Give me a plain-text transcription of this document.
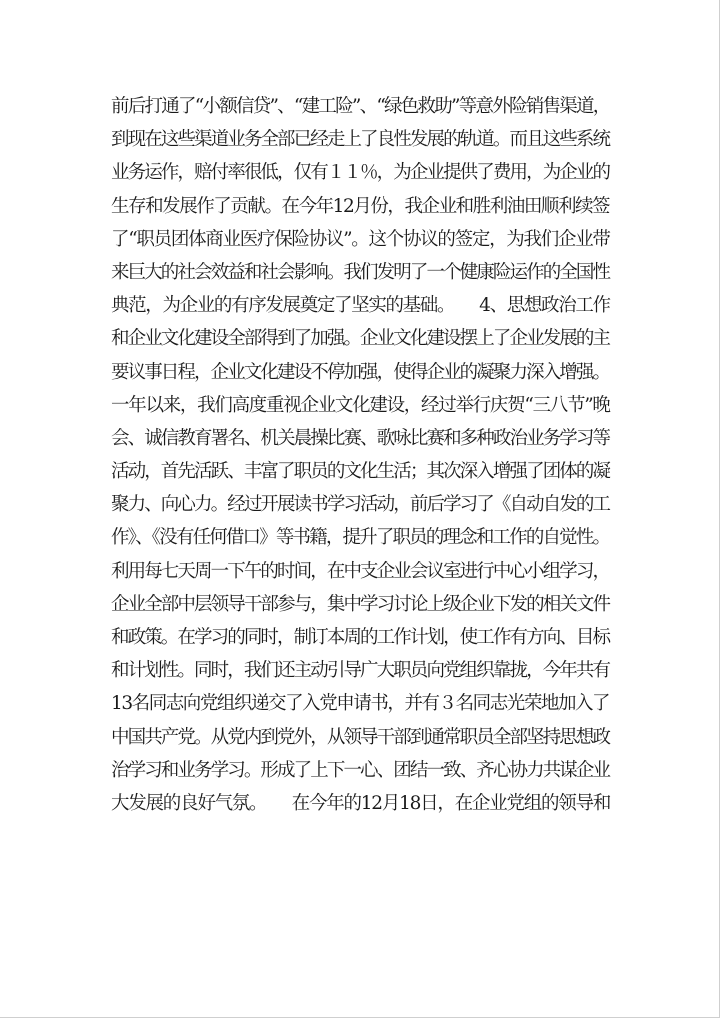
前后打通了“小额信贷”、“建工险”、“绿色救助”等意外险销售渠道，
到现在这些渠道业务全部已经走上了良性发展的轨道。而且这些系统
业务运作，赔付率很低，仅有１１％，为企业提供了费用，为企业的
生存和发展作了贡献。在今年12月份，我企业和胜利油田顺利续签
了“职员团体商业医疗保险协议”。这个协议的签定，为我们企业带
来巨大的社会效益和社会影响。我们发明了一个健康险运作的全国性
典范，为企业的有序发展奠定了坚实的基础。　　4、思想政治工作
和企业文化建设全部得到了加强。企业文化建设摆上了企业发展的主
要议事日程，企业文化建设不停加强，使得企业的凝聚力深入增强。
一年以来，我们高度重视企业文化建设，经过举行庆贺“三八节”晚
会、诚信教育署名、机关晨操比赛、歌咏比赛和多种政治业务学习等
活动，首先活跃、丰富了职员的文化生活；其次深入增强了团体的凝
聚力、向心力。经过开展读书学习活动，前后学习了《自动自发的工
作》、《没有任何借口》等书籍，提升了职员的理念和工作的自觉性。
利用每七天周一下午的时间，在中支企业会议室进行中心小组学习，
企业全部中层领导干部参与，集中学习讨论上级企业下发的相关文件
和政策。在学习的同时，制订本周的工作计划，使工作有方向、目标
和计划性。同时，我们还主动引导广大职员向党组织靠拢，今年共有
13名同志向党组织递交了入党申请书，并有３名同志光荣地加入了
中国共产党。从党内到党外，从领导干部到通常职员全部坚持思想政
治学习和业务学习。形成了上下一心、团结一致、齐心协力共谋企业
大发展的良好气氛。　　在今年的12月18日，在企业党组的领导和
